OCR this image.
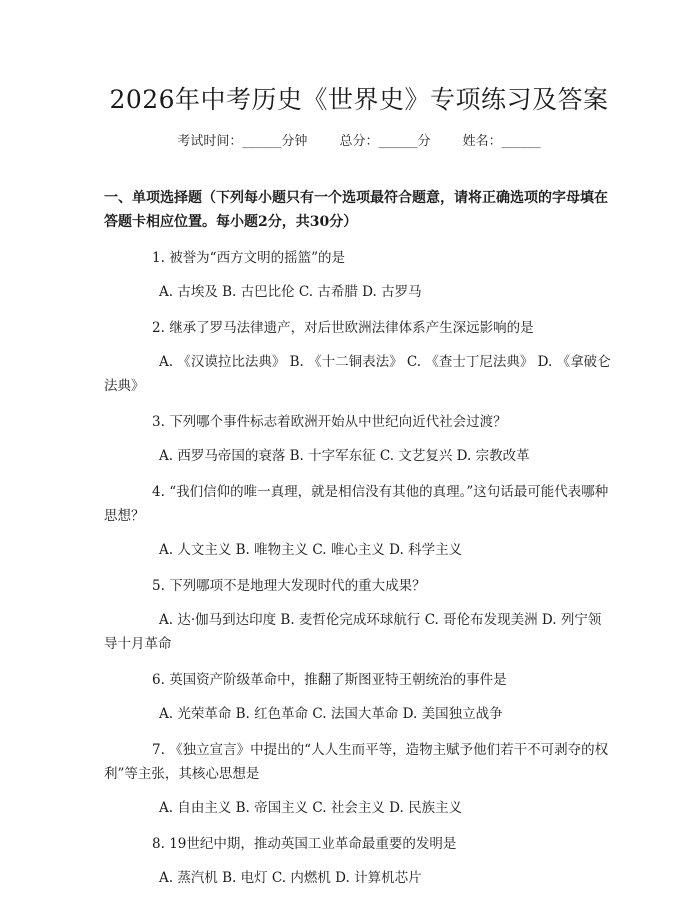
2026年中考历史《世界史》专项练习及答案
考试时间：______分钟 总分：______分 姓名：______
一、单项选择题（下列每小题只有一个选项最符合题意，请将正确选项的字母填在答题卡相应位置。每小题2分，共30分）
1. 被誉为“西方文明的摇篮”的是
A. 古埃及 B. 古巴比伦 C. 古希腊 D. 古罗马
2. 继承了罗马法律遗产，对后世欧洲法律体系产生深远影响的是
A. 《汉谟拉比法典》 B. 《十二铜表法》 C. 《查士丁尼法典》 D. 《拿破仑法典》
3. 下列哪个事件标志着欧洲开始从中世纪向近代社会过渡？
A. 西罗马帝国的衰落 B. 十字军东征 C. 文艺复兴 D. 宗教改革
4. “我们信仰的唯一真理，就是相信没有其他的真理。”这句话最可能代表哪种思想？
A. 人文主义 B. 唯物主义 C. 唯心主义 D. 科学主义
5. 下列哪项不是地理大发现时代的重大成果？
A. 达·伽马到达印度 B. 麦哲伦完成环球航行 C. 哥伦布发现美洲 D. 列宁领导十月革命
6. 英国资产阶级革命中，推翻了斯图亚特王朝统治的事件是
A. 光荣革命 B. 红色革命 C. 法国大革命 D. 美国独立战争
7. 《独立宣言》中提出的“人人生而平等，造物主赋予他们若干不可剥夺的权利”等主张，其核心思想是
A. 自由主义 B. 帝国主义 C. 社会主义 D. 民族主义
8. 19世纪中期，推动英国工业革命最重要的发明是
A. 蒸汽机 B. 电灯 C. 内燃机 D. 计算机芯片
